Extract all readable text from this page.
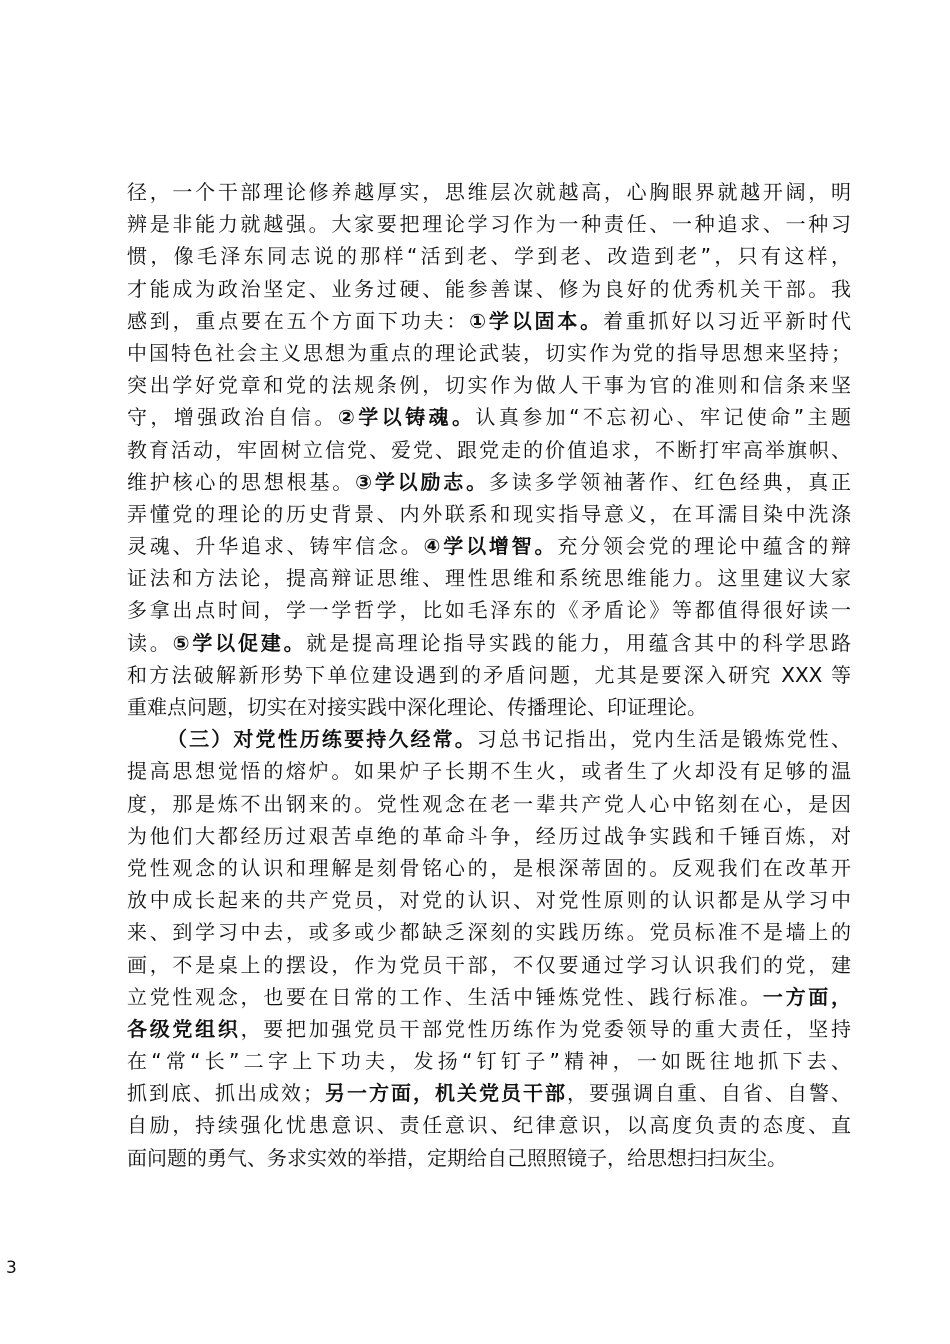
径，一个干部理论修养越厚实，思维层次就越高，心胸眼界就越开阔，明
辨是非能力就越强。大家要把理论学习作为一种责任、一种追求、一种习
惯，像毛泽东同志说的那样“活到老、学到老、改造到老”，只有这样，
才能成为政治坚定、业务过硬、能参善谋、修为良好的优秀机关干部。我
感到，重点要在五个方面下功夫：①学以固本。着重抓好以习近平新时代
中国特色社会主义思想为重点的理论武装，切实作为党的指导思想来坚持；
突出学好党章和党的法规条例，切实作为做人干事为官的准则和信条来坚
守，增强政治自信。②学以铸魂。认真参加“不忘初心、牢记使命”主题
教育活动，牢固树立信党、爱党、跟党走的价值追求，不断打牢高举旗帜、
维护核心的思想根基。③学以励志。多读多学领袖著作、红色经典，真正
弄懂党的理论的历史背景、内外联系和现实指导意义，在耳濡目染中洗涤
灵魂、升华追求、铸牢信念。④学以增智。充分领会党的理论中蕴含的辩
证法和方法论，提高辩证思维、理性思维和系统思维能力。这里建议大家
多拿出点时间，学一学哲学，比如毛泽东的《矛盾论》等都值得很好读一
读。⑤学以促建。就是提高理论指导实践的能力，用蕴含其中的科学思路
和方法破解新形势下单位建设遇到的矛盾问题，尤其是要深入研究 XXX 等
重难点问题，切实在对接实践中深化理论、传播理论、印证理论。
（三）对党性历练要持久经常。习总书记指出，党内生活是锻炼党性、
提高思想觉悟的熔炉。如果炉子长期不生火，或者生了火却没有足够的温
度，那是炼不出钢来的。党性观念在老一辈共产党人心中铭刻在心，是因
为他们大都经历过艰苦卓绝的革命斗争，经历过战争实践和千锤百炼，对
党性观念的认识和理解是刻骨铭心的，是根深蒂固的。反观我们在改革开
放中成长起来的共产党员，对党的认识、对党性原则的认识都是从学习中
来、到学习中去，或多或少都缺乏深刻的实践历练。党员标准不是墙上的
画，不是桌上的摆设，作为党员干部，不仅要通过学习认识我们的党，建
立党性观念，也要在日常的工作、生活中锤炼党性、践行标准。一方面，
各级党组织，要把加强党员干部党性历练作为党委领导的重大责任，坚持
在“常“长”二字上下功夫，发扬“钉钉子”精神，一如既往地抓下去、
抓到底、抓出成效；另一方面，机关党员干部，要强调自重、自省、自警、
自励，持续强化忧患意识、责任意识、纪律意识，以高度负责的态度、直
面问题的勇气、务求实效的举措，定期给自己照照镜子，给思想扫扫灰尘。
3
